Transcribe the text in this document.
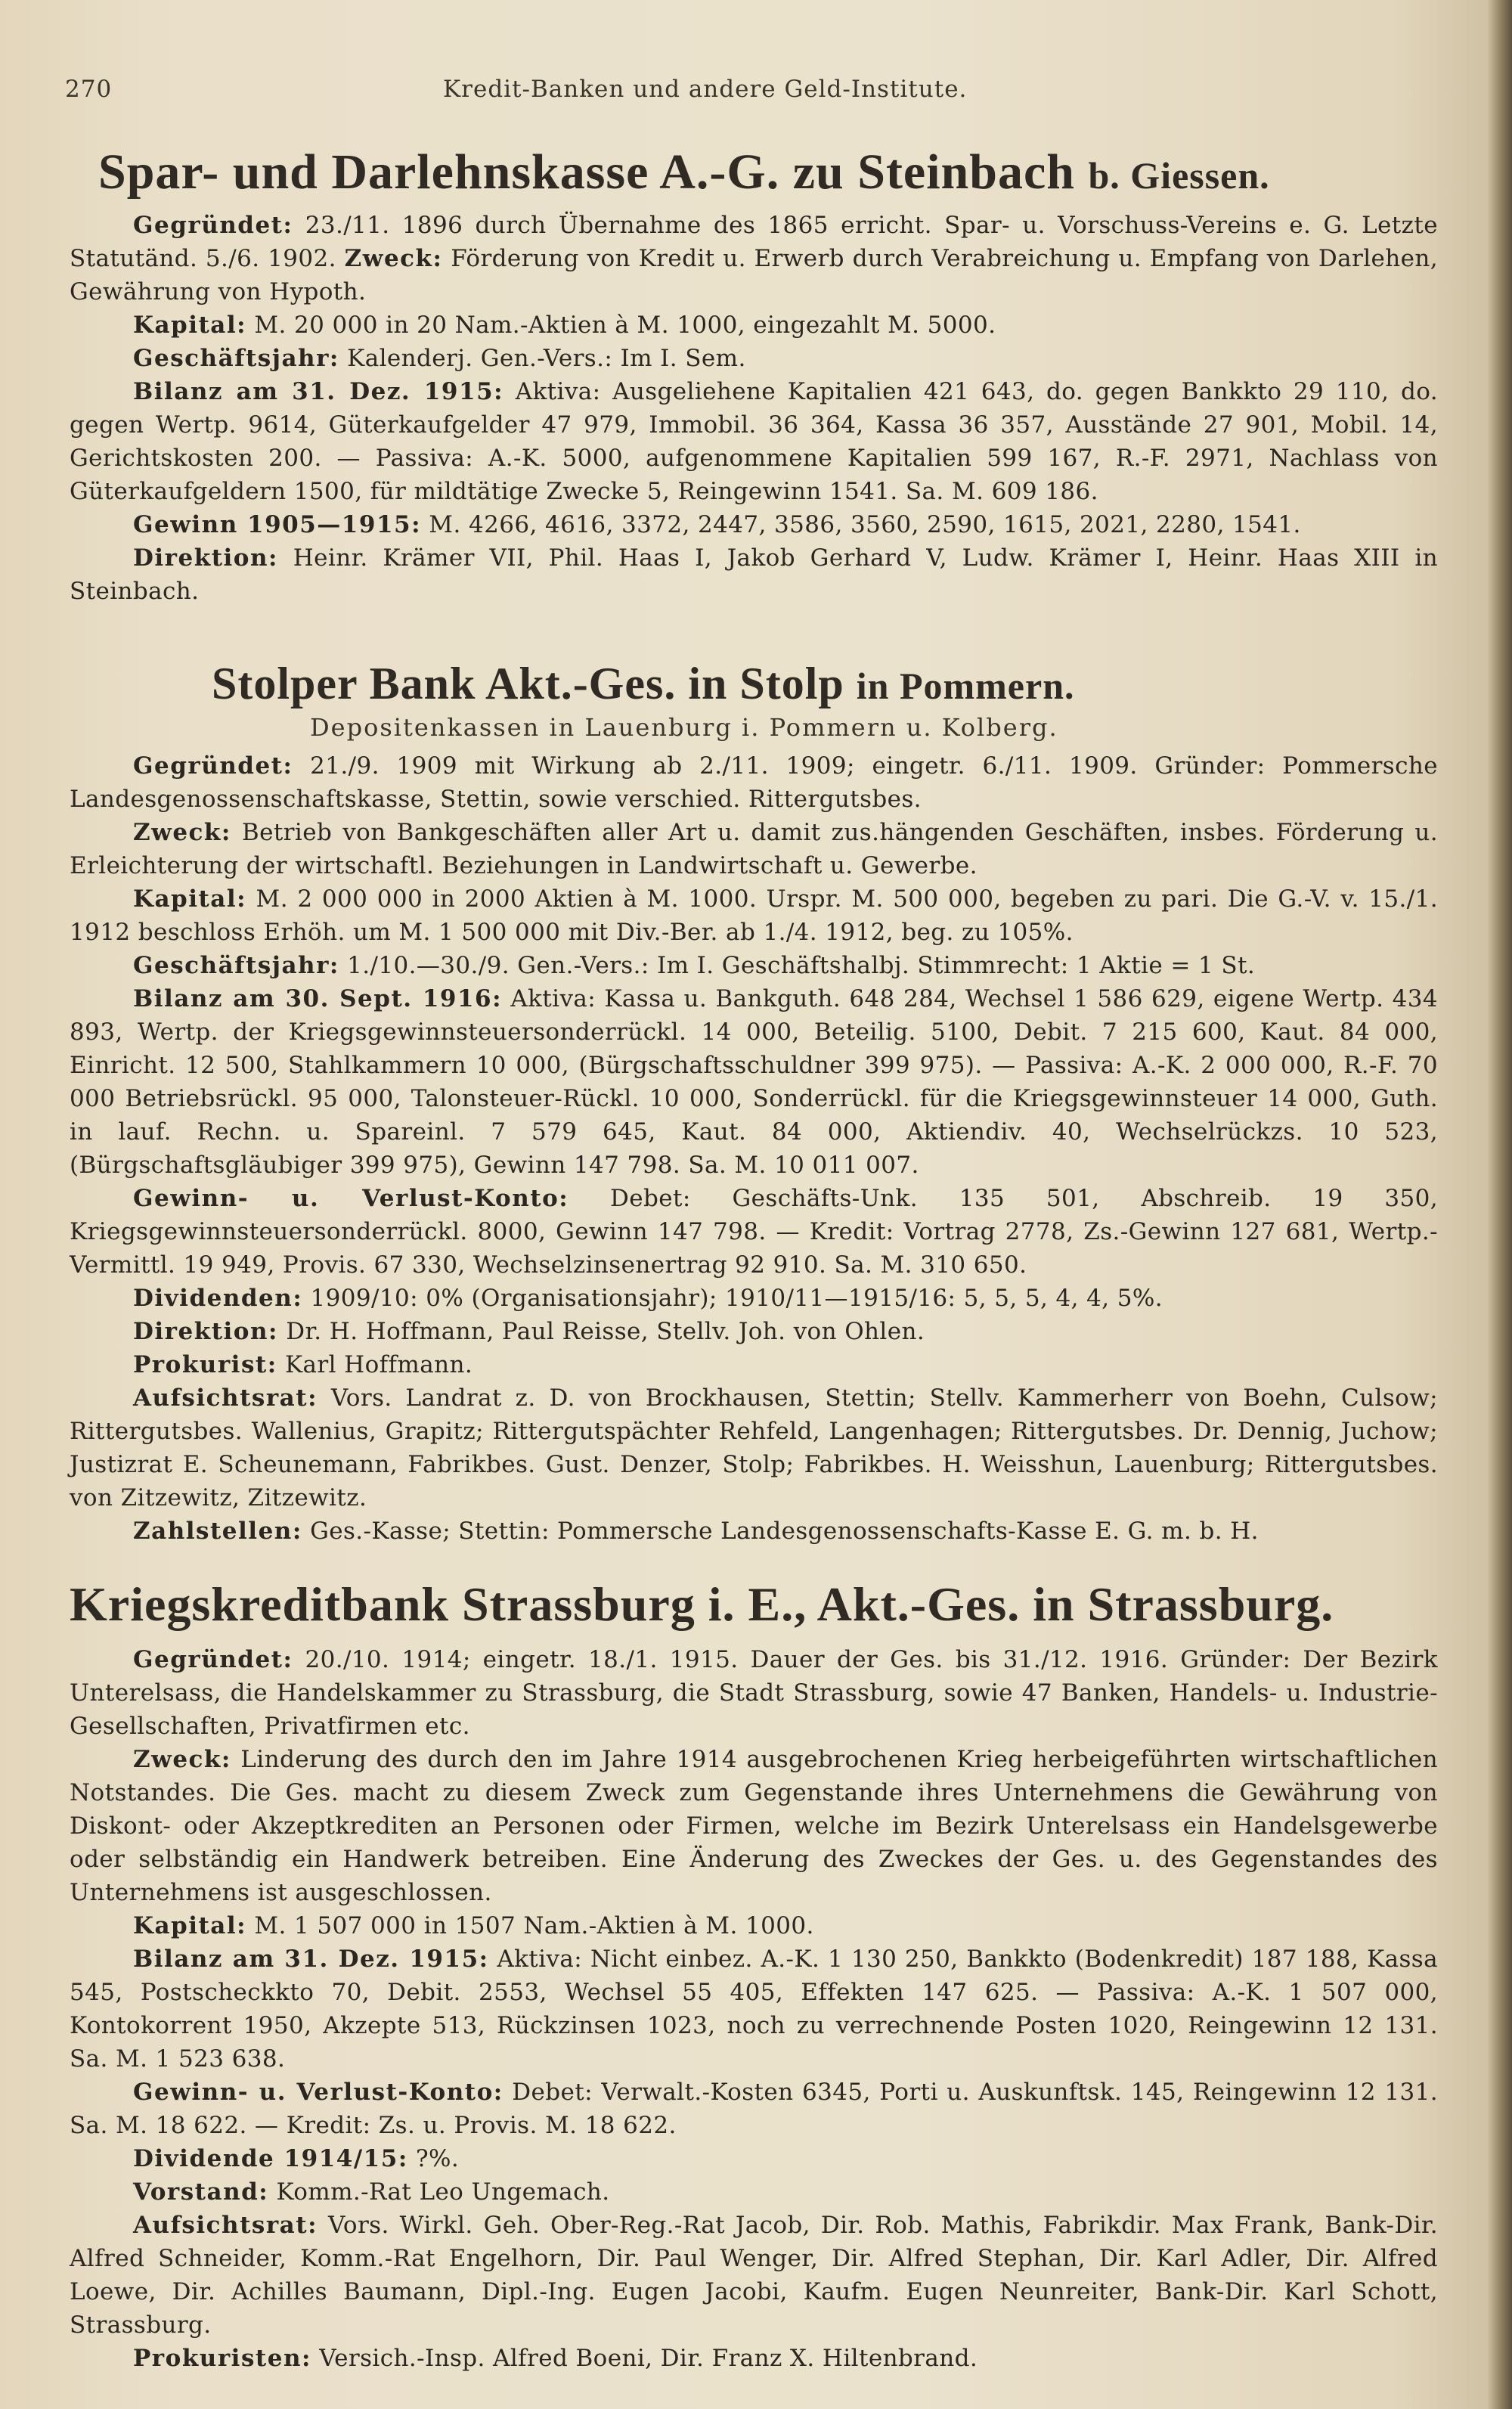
270	Kredit-Banken und andere Geld-Institute.
Spar- und Darlehnskasse A.-G. zu Steinbach b. Giessen.

Gegründet: 23./11. 1896 durch Übernahme des 1865 erricht. Spar- u. Vorschuss-Vereins e. G. Letzte Statutänd. 5./6. 1902. Zweck: Förderung von Kredit u. Erwerb durch Verabreichung u. Empfang von Darlehen, Gewährung von Hypoth.

Kapital: M. 20 000 in 20 Nam.-Aktien à M. 1000, eingezahlt M. 5000.

Geschäftsjahr: Kalenderj. Gen.-Vers.: Im I. Sem.

Bilanz am 31. Dez. 1915: Aktiva: Ausgeliehene Kapitalien 421 643, do. gegen Bankkto 29 110, do. gegen Wertp. 9614, Güterkaufgelder 47 979, Immobil. 36 364, Kassa 36 357, Ausstände 27 901, Mobil. 14, Gerichtskosten 200. — Passiva: A.-K. 5000, aufgenommene Kapitalien 599 167, R.-F. 2971, Nachlass von Güterkaufgeldern 1500, für mildtätige Zwecke 5, Reingewinn 1541. Sa. M. 609 186.

Gewinn 1905—1915: M. 4266, 4616, 3372, 2447, 3586, 3560, 2590, 1615, 2021, 2280, 1541.

Direktion: Heinr. Krämer VII, Phil. Haas I, Jakob Gerhard V, Ludw. Krämer I, Heinr. Haas XIII in Steinbach.

Stolper Bank Akt.-Ges. in Stolp in Pommern.
Depositenkassen in Lauenburg i. Pommern u. Kolberg.

Gegründet: 21./9. 1909 mit Wirkung ab 2./11. 1909; eingetr. 6./11. 1909. Gründer: Pommersche Landesgenossenschaftskasse, Stettin, sowie verschied. Rittergutsbes.

Zweck: Betrieb von Bankgeschäften aller Art u. damit zus.hängenden Geschäften, insbes. Förderung u. Erleichterung der wirtschaftl. Beziehungen in Landwirtschaft u. Gewerbe.

Kapital: M. 2 000 000 in 2000 Aktien à M. 1000. Urspr. M. 500 000, begeben zu pari. Die G.-V. v. 15./1. 1912 beschloss Erhöh. um M. 1 500 000 mit Div.-Ber. ab 1./4. 1912, beg. zu 105%.

Geschäftsjahr: 1./10.—30./9. Gen.-Vers.: Im I. Geschäftshalbj. Stimmrecht: 1 Aktie = 1 St.

Bilanz am 30. Sept. 1916: Aktiva: Kassa u. Bankguth. 648 284, Wechsel 1 586 629, eigene Wertp. 434 893, Wertp. der Kriegsgewinnsteuersonderrückl. 14 000, Beteilig. 5100, Debit. 7 215 600, Kaut. 84 000, Einricht. 12 500, Stahlkammern 10 000, (Bürgschaftsschuldner 399 975). — Passiva: A.-K. 2 000 000, R.-F. 70 000 Betriebsrückl. 95 000, Talonsteuer-Rückl. 10 000, Sonderrückl. für die Kriegsgewinnsteuer 14 000, Guth. in lauf. Rechn. u. Spareinl. 7 579 645, Kaut. 84 000, Aktiendiv. 40, Wechselrückzs. 10 523, (Bürgschaftsgläubiger 399 975), Gewinn 147 798. Sa. M. 10 011 007.

Gewinn- u. Verlust-Konto: Debet: Geschäfts-Unk. 135 501, Abschreib. 19 350, Kriegsgewinnsteuersonderrückl. 8000, Gewinn 147 798. — Kredit: Vortrag 2778, Zs.-Gewinn 127 681, Wertp.-Vermittl. 19 949, Provis. 67 330, Wechselzinsenertrag 92 910. Sa. M. 310 650.

Dividenden: 1909/10: 0% (Organisationsjahr); 1910/11—1915/16: 5, 5, 5, 4, 4, 5%.

Direktion: Dr. H. Hoffmann, Paul Reisse, Stellv. Joh. von Ohlen.

Prokurist: Karl Hoffmann.

Aufsichtsrat: Vors. Landrat z. D. von Brockhausen, Stettin; Stellv. Kammerherr von Boehn, Culsow; Rittergutsbes. Wallenius, Grapitz; Rittergutspächter Rehfeld, Langenhagen; Rittergutsbes. Dr. Dennig, Juchow; Justizrat E. Scheunemann, Fabrikbes. Gust. Denzer, Stolp; Fabrikbes. H. Weisshun, Lauenburg; Rittergutsbes. von Zitzewitz, Zitzewitz.

Zahlstellen: Ges.-Kasse; Stettin: Pommersche Landesgenossenschafts-Kasse E. G. m. b. H.

Kriegskreditbank Strassburg i. E., Akt.-Ges. in Strassburg.

Gegründet: 20./10. 1914; eingetr. 18./1. 1915. Dauer der Ges. bis 31./12. 1916. Gründer: Der Bezirk Unterelsass, die Handelskammer zu Strassburg, die Stadt Strassburg, sowie 47 Banken, Handels- u. Industrie-Gesellschaften, Privatfirmen etc.

Zweck: Linderung des durch den im Jahre 1914 ausgebrochenen Krieg herbeigeführten wirtschaftlichen Notstandes. Die Ges. macht zu diesem Zweck zum Gegenstande ihres Unternehmens die Gewährung von Diskont- oder Akzeptkrediten an Personen oder Firmen, welche im Bezirk Unterelsass ein Handelsgewerbe oder selbständig ein Handwerk betreiben. Eine Änderung des Zweckes der Ges. u. des Gegenstandes des Unternehmens ist ausgeschlossen.

Kapital: M. 1 507 000 in 1507 Nam.-Aktien à M. 1000.

Bilanz am 31. Dez. 1915: Aktiva: Nicht einbez. A.-K. 1 130 250, Bankkto (Bodenkredit) 187 188, Kassa 545, Postscheckkto 70, Debit. 2553, Wechsel 55 405, Effekten 147 625. — Passiva: A.-K. 1 507 000, Kontokorrent 1950, Akzepte 513, Rückzinsen 1023, noch zu verrechnende Posten 1020, Reingewinn 12 131. Sa. M. 1 523 638.

Gewinn- u. Verlust-Konto: Debet: Verwalt.-Kosten 6345, Porti u. Auskunftsk. 145, Reingewinn 12 131. Sa. M. 18 622. — Kredit: Zs. u. Provis. M. 18 622.

Dividende 1914/15: ?%.

Vorstand: Komm.-Rat Leo Ungemach.

Aufsichtsrat: Vors. Wirkl. Geh. Ober-Reg.-Rat Jacob, Dir. Rob. Mathis, Fabrikdir. Max Frank, Bank-Dir. Alfred Schneider, Komm.-Rat Engelhorn, Dir. Paul Wenger, Dir. Alfred Stephan, Dir. Karl Adler, Dir. Alfred Loewe, Dir. Achilles Baumann, Dipl.-Ing. Eugen Jacobi, Kaufm. Eugen Neunreiter, Bank-Dir. Karl Schott, Strassburg.

Prokuristen: Versich.-Insp. Alfred Boeni, Dir. Franz X. Hiltenbrand.
